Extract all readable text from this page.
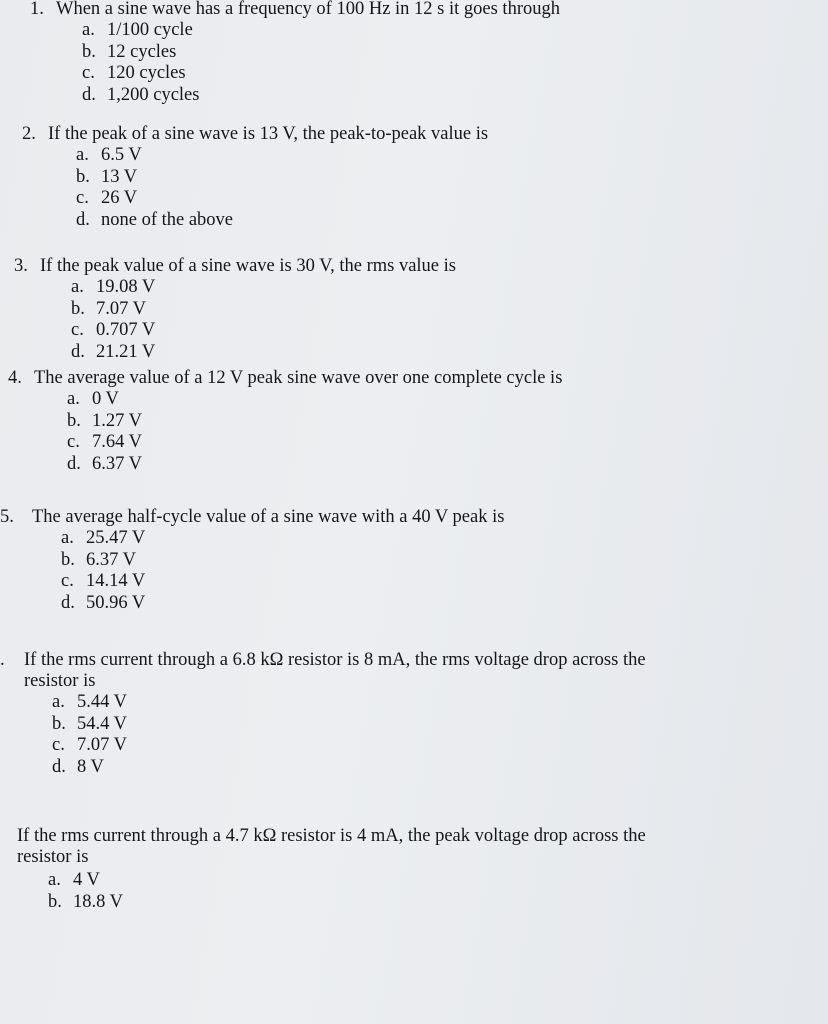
1. When a sine wave has a frequency of 100 Hz in 12 s it goes through
a. 1/100 cycle
b. 12 cycles
c. 120 cycles
d. 1,200 cycles
2. If the peak of a sine wave is 13 V, the peak-to-peak value is
a. 6.5 V
b. 13 V
c. 26 V
d. none of the above
3. If the peak value of a sine wave is 30 V, the rms value is
a. 19.08 V
b. 7.07 V
c. 0.707 V
d. 21.21 V
4. The average value of a 12 V peak sine wave over one complete cycle is
a. 0 V
b. 1.27 V
c. 7.64 V
d. 6.37 V
5. The average half-cycle value of a sine wave with a 40 V peak is
a. 25.47 V
b. 6.37 V
c. 14.14 V
d. 50.96 V
.	If the rms current through a 6.8 kΩ resistor is 8 mA, the rms voltage drop across the
resistor is
a. 5.44 V
b. 54.4 V
c. 7.07 V
d. 8 V
If the rms current through a 4.7 kΩ resistor is 4 mA, the peak voltage drop across the
resistor is
a. 4 V
b. 18.8 V
